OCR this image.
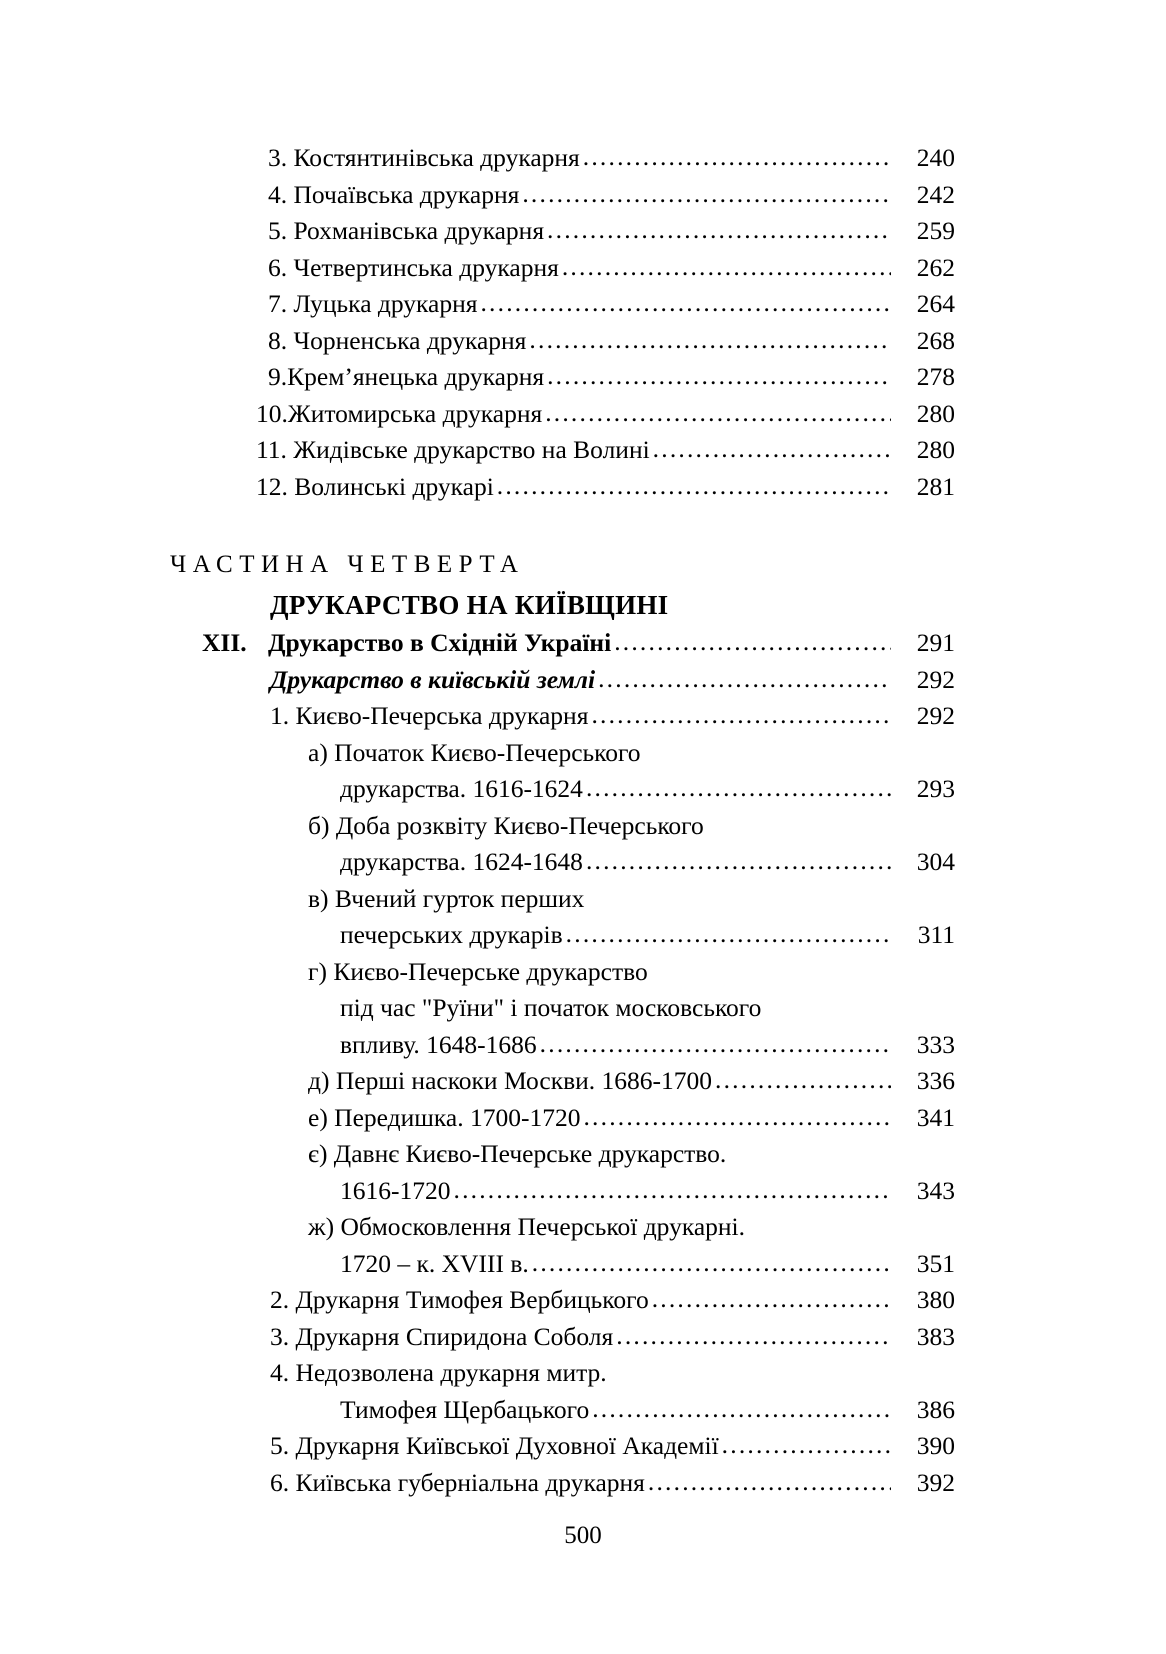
3. Костянтинівська друкарня .....	240
4. Почаївська друкарня .....	242
5. Рохманівська друкарня .....	259
6. Четвертинська друкарня .....	262
7. Луцька друкарня .....	264
8. Чорненська друкарня .....	268
9.Крем’янецька друкарня .....	278
10.Житомирська друкарня .....	280
11. Жидівське друкарство на Волині .....	280
12. Волинські друкарі .....	281
ЧАСТИНА ЧЕТВЕРТА
ДРУКАРСТВО НА КИЇВЩИНІ
XII. Друкарство в Східній Україні .....	291
Друкарство в київській землі .....	292
1. Києво-Печерська друкарня .....	292
а) Початок Києво-Печерського
друкарства. 1616-1624 .....	293
б) Доба розквіту Києво-Печерського
друкарства. 1624-1648 .....	304
в) Вчений гурток перших
печерських друкарів .....	311
г) Києво-Печерське друкарство
під час "Руїни" і початок московського
впливу. 1648-1686 .....	333
д) Перші наскоки Москви. 1686-1700 .....	336
е) Передишка. 1700-1720 .....	341
є) Давнє Києво-Печерське друкарство.
1616-1720 .....	343
ж) Обмосковлення Печерської друкарні.
1720 – к. XVIII в. .....	351
2. Друкарня Тимофея Вербицького .....	380
3. Друкарня Спиридона Соболя .....	383
4. Недозволена друкарня митр.
Тимофея Щербацького .....	386
5. Друкарня Київської Духовної Академії .....	390
6. Київська губерніальна друкарня .....	392
500
